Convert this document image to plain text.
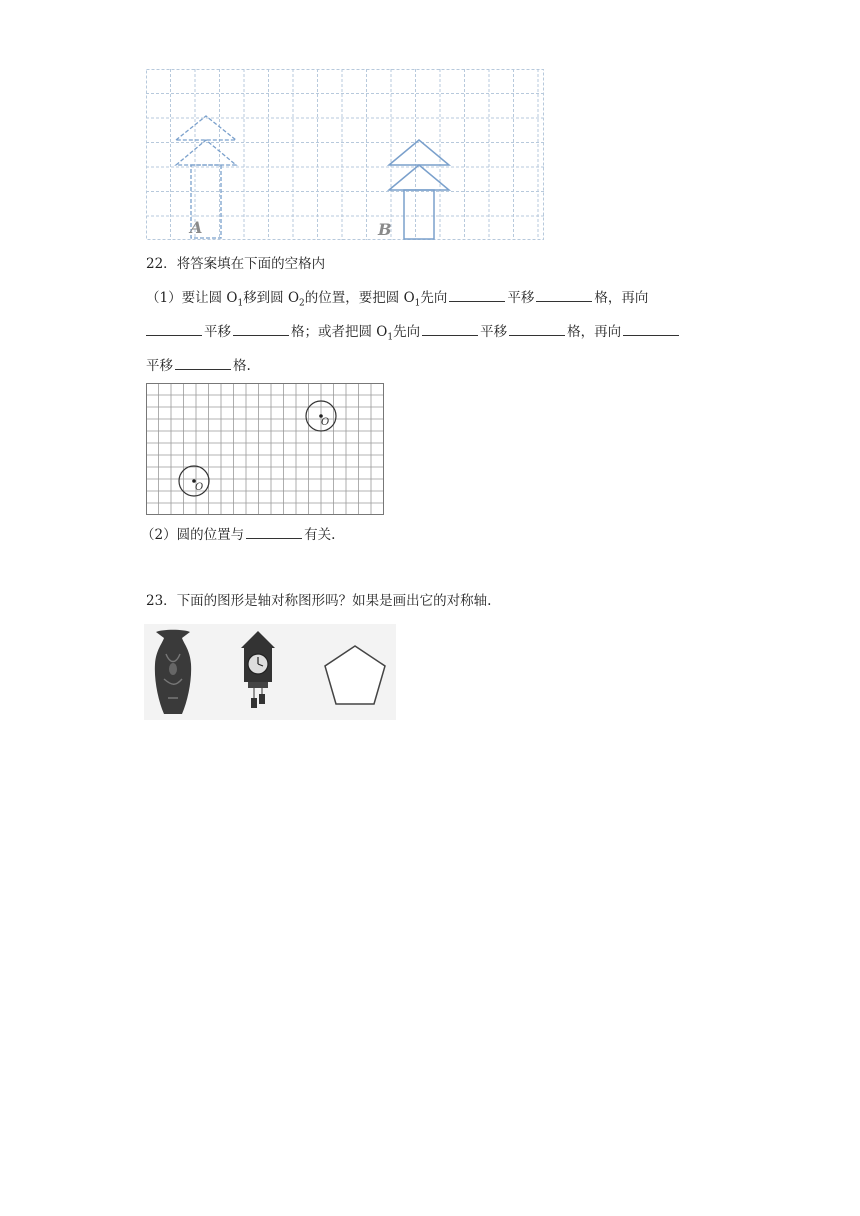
A	B
22．将答案填在下面的空格内
（1）要让圆 $O_1$移到圆 $O_2$的位置，要把圆 $O_1$先向	平移	格，再向
平移	格；或者把圆 $O_1$先向	平移	格，再向
平移	格.
O
O
（2）圆的位置与	有关.
23．下面的图形是轴对称图形吗？如果是画出它的对称轴.
